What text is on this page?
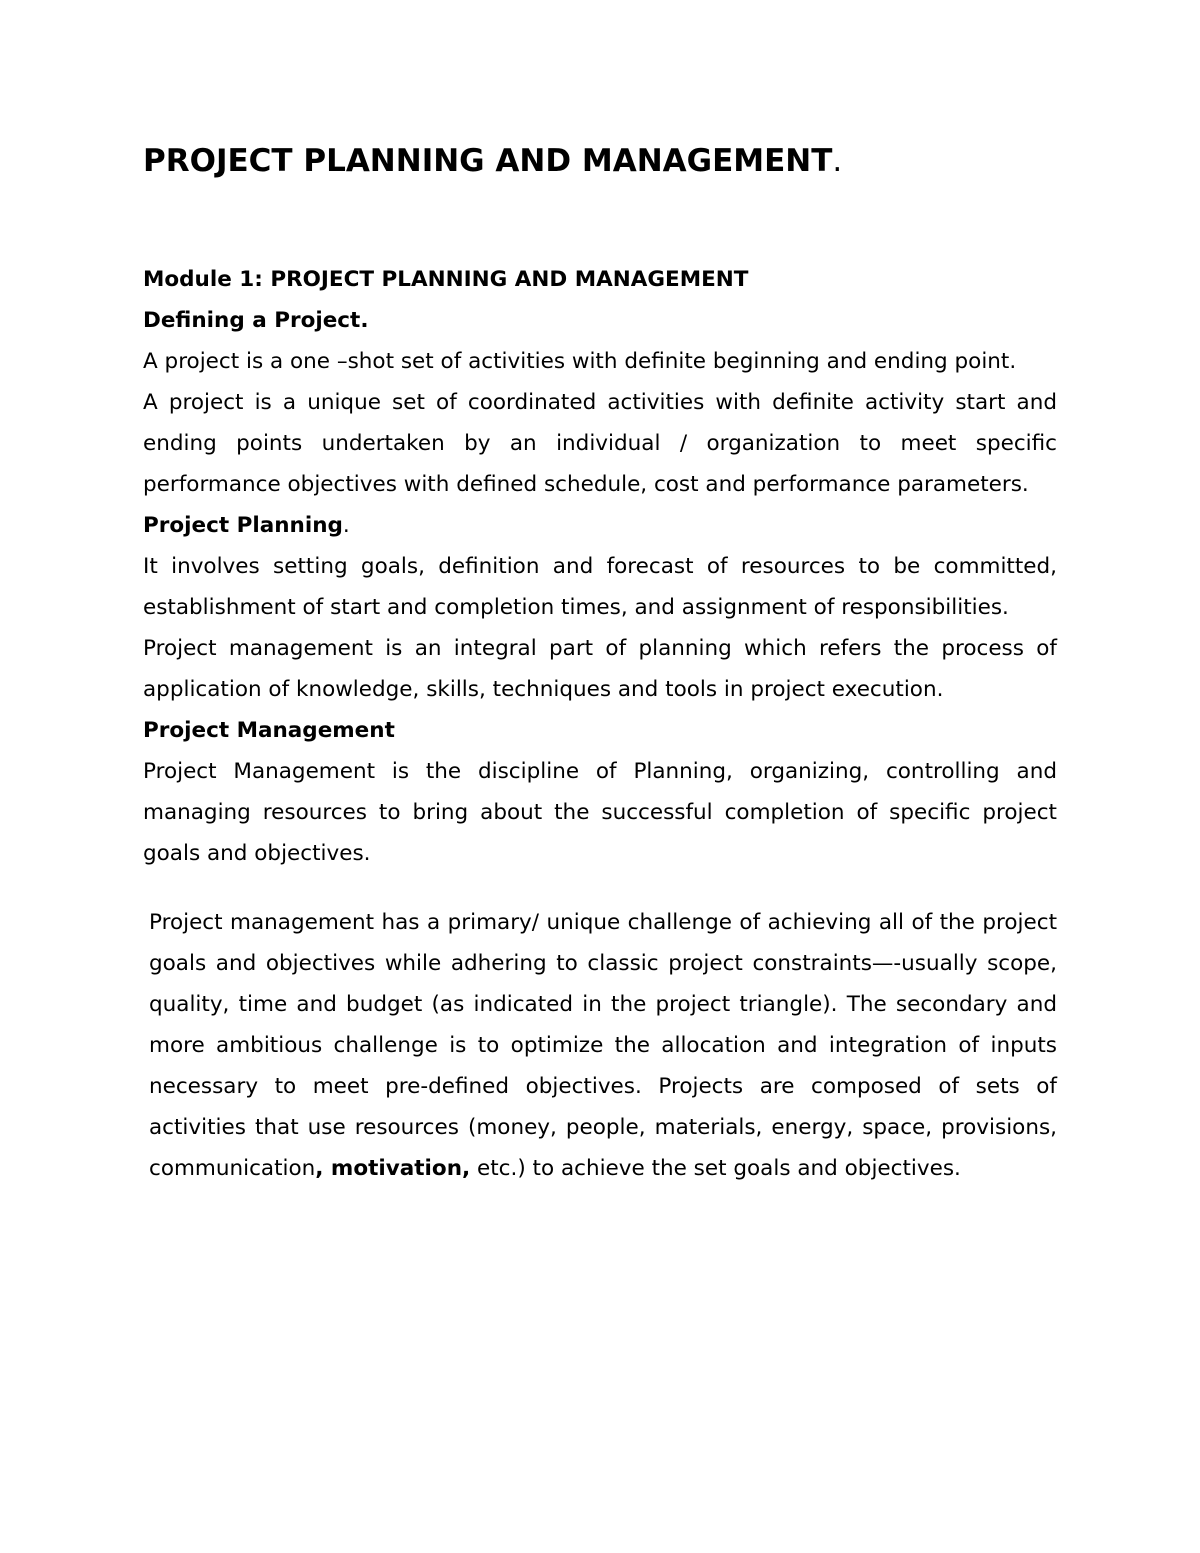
PROJECT PLANNING AND MANAGEMENT.

Module 1: PROJECT PLANNING AND MANAGEMENT

Defining a Project.

A project is a one –shot set of activities with definite beginning and ending point.

A project is a unique set of coordinated activities with definite activity start and ending points undertaken by an individual / organization to meet specific performance objectives with defined schedule, cost and performance parameters.

Project Planning.

It involves setting goals, definition and forecast of resources to be committed, establishment of start and completion times, and assignment of responsibilities.

Project management is an integral part of planning which refers the process of application of knowledge, skills, techniques and tools in project execution.

Project Management

Project Management is the discipline of Planning, organizing, controlling and managing resources to bring about the successful completion of specific project goals and objectives.

Project management has a primary/ unique challenge of achieving all of the project goals and objectives while adhering to classic project constraints—-usually scope, quality, time and budget (as indicated in the project triangle). The secondary and more ambitious challenge is to optimize the allocation and integration of inputs necessary to meet pre-defined objectives. Projects are composed of sets of activities that use resources (money, people, materials, energy, space, provisions, communication, motivation, etc.) to achieve the set goals and objectives.
